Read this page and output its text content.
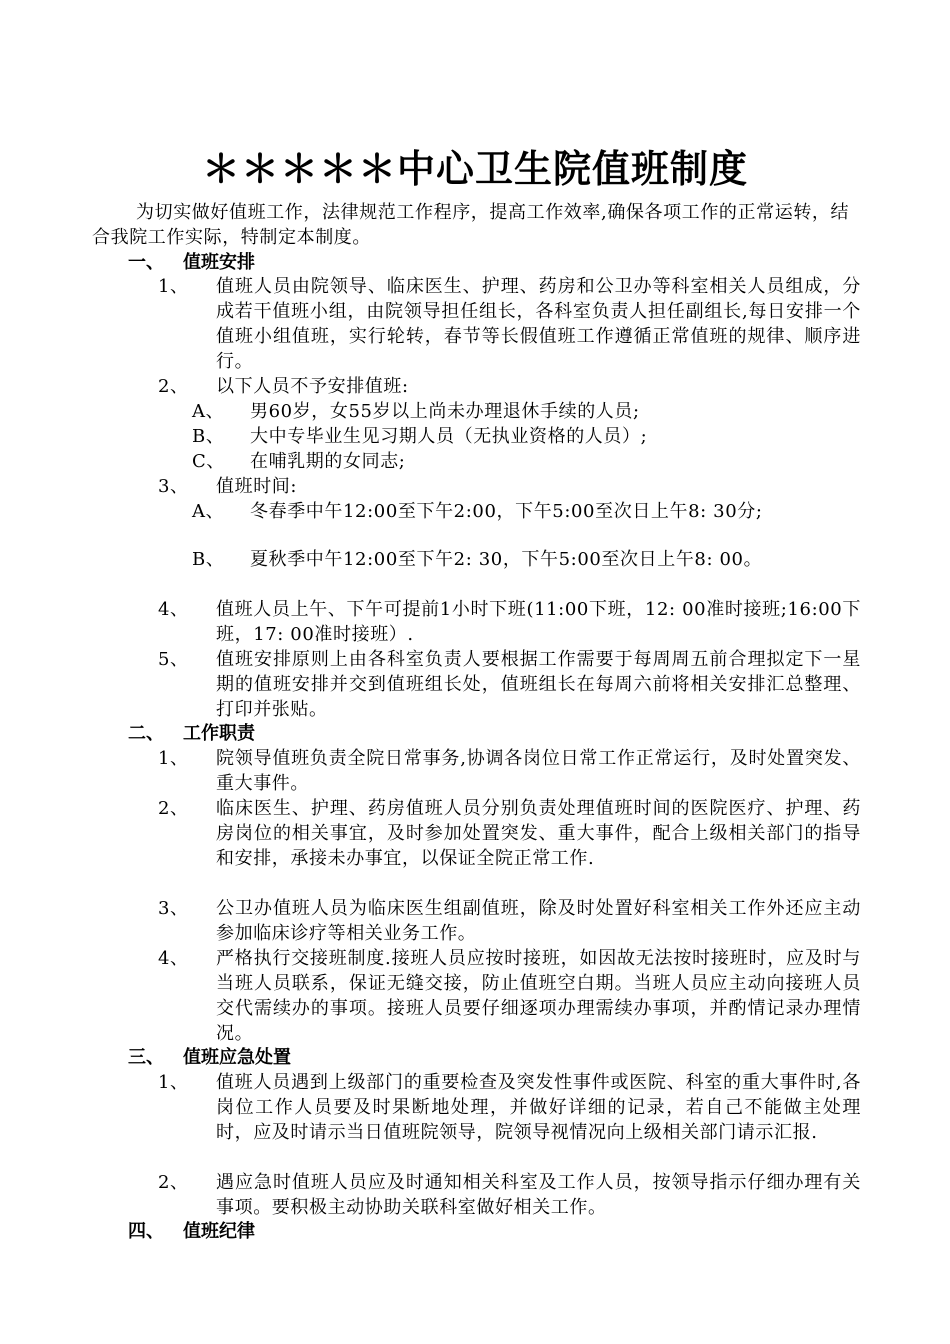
＊＊＊＊＊中心卫生院值班制度

为切实做好值班工作，法律规范工作程序，提高工作效率,确保各项工作的正常运转，结合我院工作实际，特制定本制度。

一、 值班安排
1、 值班人员由院领导、临床医生、护理、药房和公卫办等科室相关人员组成，分成若干值班小组，由院领导担任组长，各科室负责人担任副组长,每日安排一个值班小组值班，实行轮转，春节等长假值班工作遵循正常值班的规律、顺序进行。
2、 以下人员不予安排值班:
A、 男60岁，女55岁以上尚未办理退休手续的人员;
B、 大中专毕业生见习期人员（无执业资格的人员）;
C、 在哺乳期的女同志;
3、 值班时间:
A、 冬春季中午12:00至下午2:00，下午5:00至次日上午8: 30分;
B、 夏秋季中午12:00至下午2: 30，下午5:00至次日上午8: 00。
4、 值班人员上午、下午可提前1小时下班(11:00下班，12: 00准时接班;16:00下班，17: 00准时接班）.
5、 值班安排原则上由各科室负责人要根据工作需要于每周周五前合理拟定下一星期的值班安排并交到值班组长处，值班组长在每周六前将相关安排汇总整理、打印并张贴。
二、 工作职责
1、 院领导值班负责全院日常事务,协调各岗位日常工作正常运行，及时处置突发、重大事件。
2、 临床医生、护理、药房值班人员分别负责处理值班时间的医院医疗、护理、药房岗位的相关事宜，及时参加处置突发、重大事件，配合上级相关部门的指导和安排，承接未办事宜，以保证全院正常工作.
3、 公卫办值班人员为临床医生组副值班，除及时处置好科室相关工作外还应主动参加临床诊疗等相关业务工作。
4、 严格执行交接班制度.接班人员应按时接班，如因故无法按时接班时，应及时与当班人员联系，保证无缝交接，防止值班空白期。当班人员应主动向接班人员交代需续办的事项。接班人员要仔细逐项办理需续办事项，并酌情记录办理情况。
三、 值班应急处置
1、 值班人员遇到上级部门的重要检查及突发性事件或医院、科室的重大事件时,各岗位工作人员要及时果断地处理，并做好详细的记录，若自己不能做主处理时，应及时请示当日值班院领导，院领导视情况向上级相关部门请示汇报.
2、 遇应急时值班人员应及时通知相关科室及工作人员，按领导指示仔细办理有关事项。要积极主动协助关联科室做好相关工作。
四、 值班纪律
